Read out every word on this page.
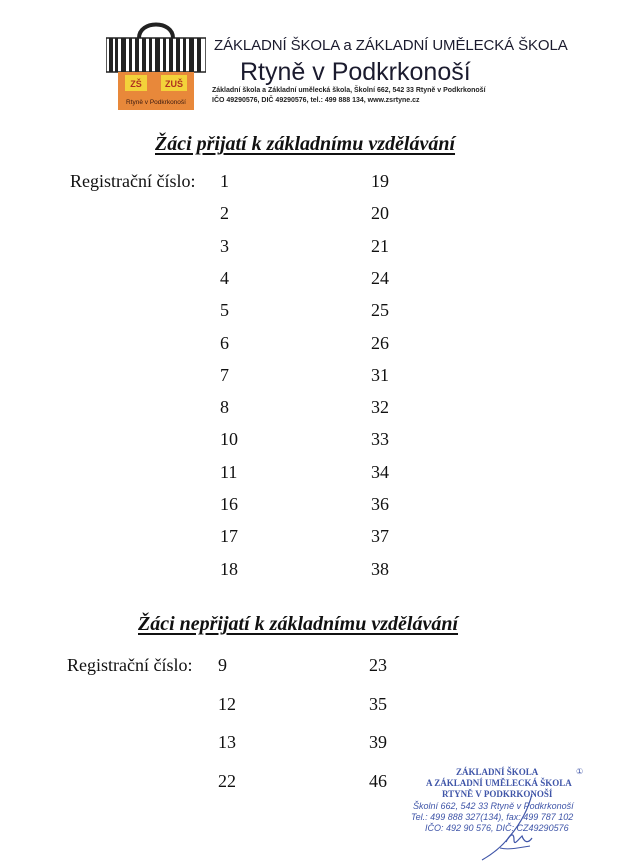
ZŠ	ZUŠ
Rtyně v Podkrkonoší
ZÁKLADNÍ ŠKOLA a ZÁKLADNÍ UMĚLECKÁ ŠKOLA
Rtyně v Podkrkonoší
Základní škola a Základní umělecká škola, Školní 662, 542 33 Rtyně v Podkrkonoší
IČO 49290576, DIČ 49290576, tel.: 499 888 134, www.zsrtyne.cz
Žáci přijatí k základnímu vzdělávání
Registrační číslo: 1
2
3
4
5
6
7
8
10
11
16
17
18
19
20
21
24
25
26
31
32
33
34
36
37
38
Žáci nepřijatí k základnímu vzdělávání
Registrační číslo: 9
12
13
22
23
35
39
46	ZÁKLADNÍ ŠKOLA
A ZÁKLADNÍ UMĚLECKÁ ŠKOLA
RTYNĚ V PODKRKONOŠÍ
Školní 662, 542 33 Rtyně v Podkrkonoší
Tel.: 499 888 327(134), fax: 499 787 102
IČO: 492 90 576, DIČ: CZ49290576
①
